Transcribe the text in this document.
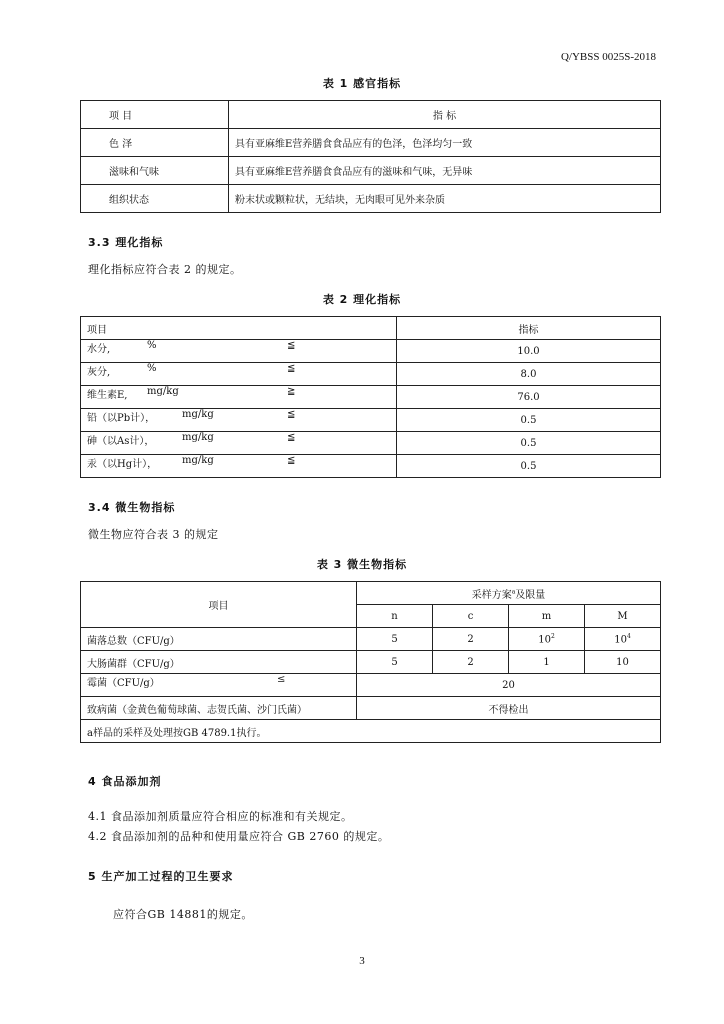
Q/YBSS 0025S-2018
表 1 感官指标
项 目	指 标
色 泽	具有亚麻维E营养膳食食品应有的色泽，色泽均匀一致
滋味和气味	具有亚麻维E营养膳食食品应有的滋味和气味，无异味
组织状态	粉末状或颗粒状，无结块，无肉眼可见外来杂质
3.3 理化指标
理化指标应符合表 2 的规定。
表 2 理化指标
项目	指标

水分, % ≦	10.0

灰分, % ≦	8.0

维生素E, mg/kg ≧	76.0

铅（以Pb计）， mg/kg ≦	0.5

砷（以As计）， mg/kg ≦	0.5

汞（以Hg计）， mg/kg ≦	0.5
3.4 微生物指标
微生物应符合表 3 的规定
表 3 微生物指标
项目	采样方案$^a$及限量			
	n	c	m	M
菌落总数（CFU/g）	5	2	$10^2$	$10^4$
大肠菌群（CFU/g）	5	2	1	10

霉菌（CFU/g） ≤	20			
致病菌（金黄色葡萄球菌、志贺氏菌、沙门氏菌）	不得检出			
a样品的采样及处理按GB 4789.1执行。				
4 食品添加剂
4.1 食品添加剂质量应符合相应的标准和有关规定。
4.2 食品添加剂的品种和使用量应符合 GB 2760 的规定。
5 生产加工过程的卫生要求
应符合GB 14881的规定。
3
